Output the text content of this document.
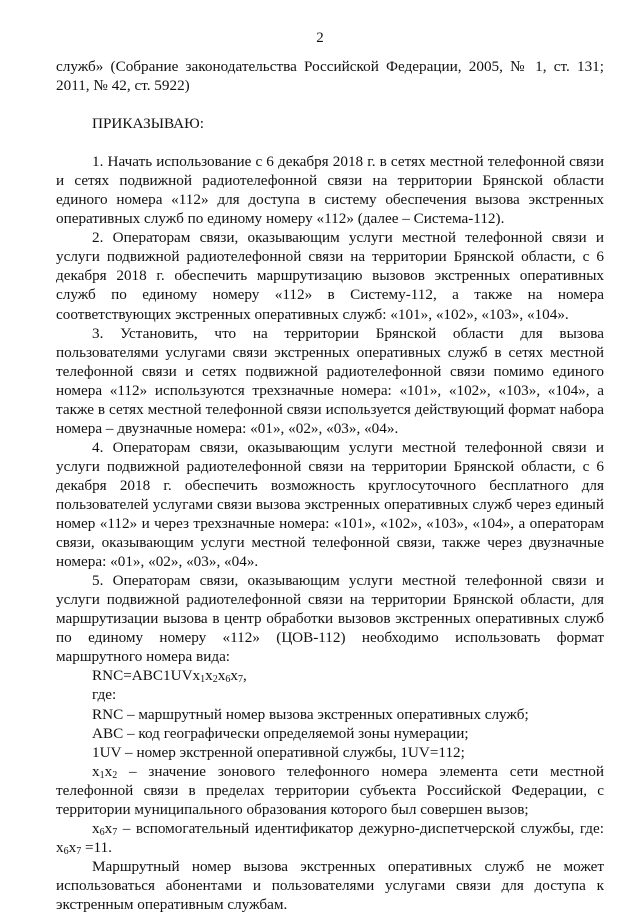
2

служб» (Собрание законодательства Российской Федерации, 2005, № 1, ст. 131; 2011, № 42, ст. 5922)

ПРИКАЗЫВАЮ:

1. Начать использование с 6 декабря 2018 г. в сетях местной телефонной связи и сетях подвижной радиотелефонной связи на территории Брянской области единого номера «112» для доступа в систему обеспечения вызова экстренных оперативных служб по единому номеру «112» (далее – Система-112).

2. Операторам связи, оказывающим услуги местной телефонной связи и услуги подвижной радиотелефонной связи на территории Брянской области, с 6 декабря 2018 г. обеспечить маршрутизацию вызовов экстренных оперативных служб по единому номеру «112» в Систему-112, а также на номера соответствующих экстренных оперативных служб: «101», «102», «103», «104».

3. Установить, что на территории Брянской области для вызова пользователями услугами связи экстренных оперативных служб в сетях местной телефонной связи и сетях подвижной радиотелефонной связи помимо единого номера «112» используются трехзначные номера: «101», «102», «103», «104», а также в сетях местной телефонной связи используется действующий формат набора номера – двузначные номера: «01», «02», «03», «04».

4. Операторам связи, оказывающим услуги местной телефонной связи и услуги подвижной радиотелефонной связи на территории Брянской области, с 6 декабря 2018 г. обеспечить возможность круглосуточного бесплатного для пользователей услугами связи вызова экстренных оперативных служб через единый номер «112» и через трехзначные номера: «101», «102», «103», «104», а операторам связи, оказывающим услуги местной телефонной связи, также через двузначные номера: «01», «02», «03», «04».

5. Операторам связи, оказывающим услуги местной телефонной связи и услуги подвижной радиотелефонной связи на территории Брянской области, для маршрутизации вызова в центр обработки вызовов экстренных оперативных служб по единому номеру «112» (ЦОВ-112) необходимо использовать формат маршрутного номера вида:

$RNC=ABC1UVx_1x_2x_6x_7$,

где:

RNC – маршрутный номер вызова экстренных оперативных служб;

ABC – код географически определяемой зоны нумерации;

1UV – номер экстренной оперативной службы, 1UV=112;

$x_1x_2$ – значение зонового телефонного номера элемента сети местной телефонной связи в пределах территории субъекта Российской Федерации, с территории муниципального образования которого был совершен вызов;

$x_6x_7$ – вспомогательный идентификатор дежурно-диспетчерской службы, где: $x_6x_7 =11$.

Маршрутный номер вызова экстренных оперативных служб не может использоваться абонентами и пользователями услугами связи для доступа к экстренным оперативным службам.
